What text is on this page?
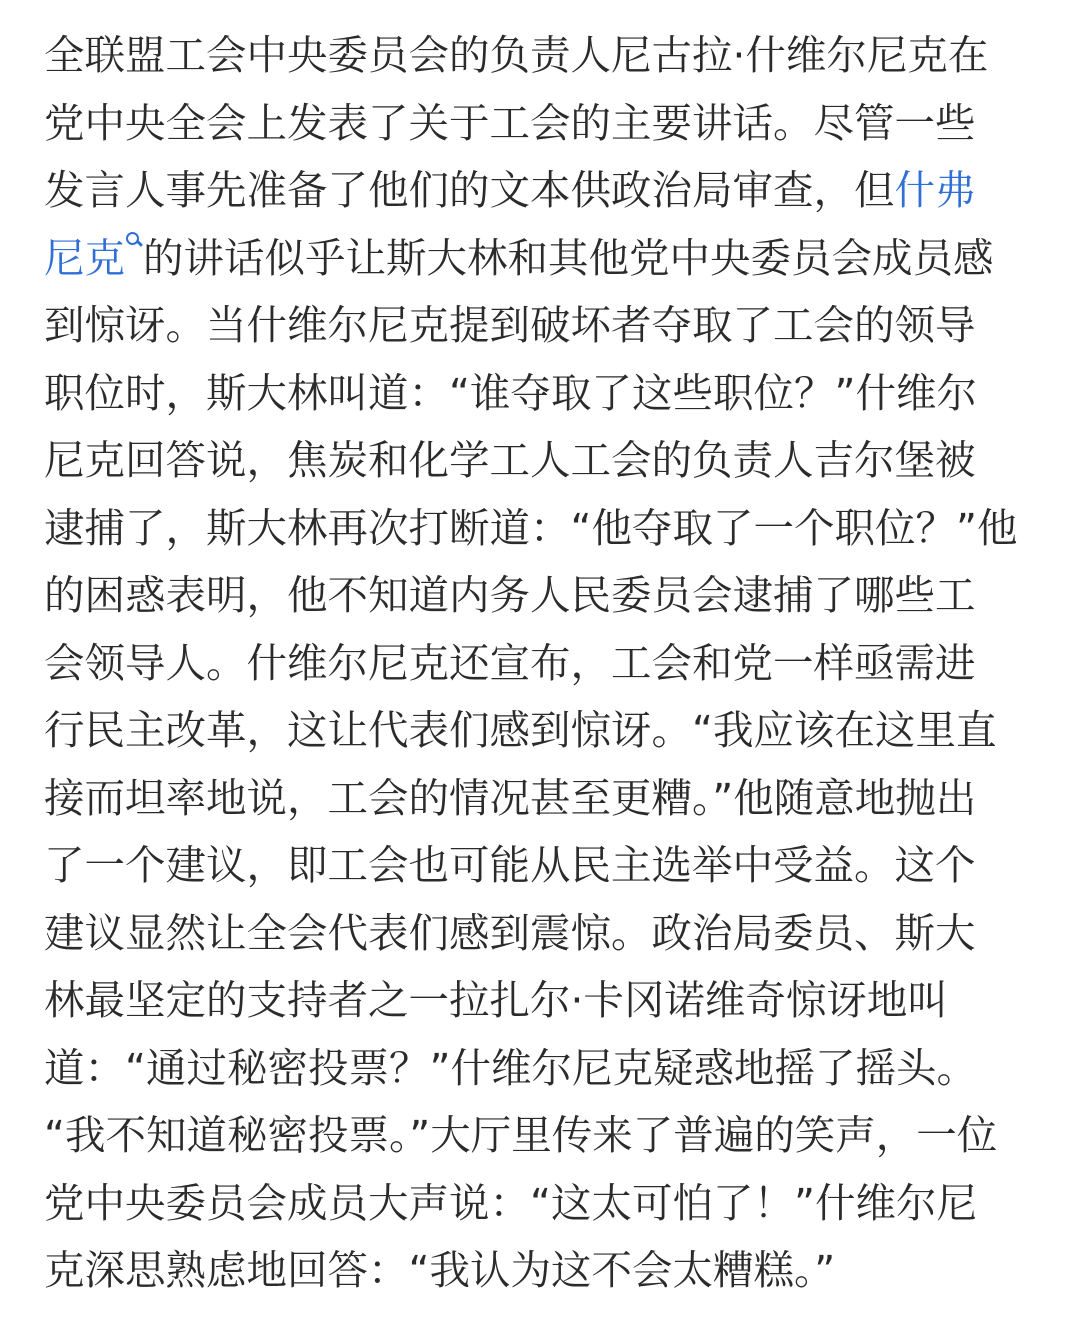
全联盟工会中央委员会的负责人尼古拉·什维尔尼克在
党中央全会上发表了关于工会的主要讲话。尽管一些
发言人事先准备了他们的文本供政治局审查，但什弗
尼克 的讲话似乎让斯大林和其他党中央委员会成员感
到惊讶。当什维尔尼克提到破坏者夺取了工会的领导
职位时，斯大林叫道：“谁夺取了这些职位？”什维尔
尼克回答说，焦炭和化学工人工会的负责人吉尔堡被
逮捕了，斯大林再次打断道：“他夺取了一个职位？”他
的困惑表明，他不知道内务人民委员会逮捕了哪些工
会领导人。什维尔尼克还宣布，工会和党一样亟需进
行民主改革，这让代表们感到惊讶。“我应该在这里直
接而坦率地说，工会的情况甚至更糟。”他随意地抛出
了一个建议，即工会也可能从民主选举中受益。这个
建议显然让全会代表们感到震惊。政治局委员、斯大
林最坚定的支持者之一拉扎尔·卡冈诺维奇惊讶地叫
道：“通过秘密投票？”什维尔尼克疑惑地摇了摇头。
“我不知道秘密投票。”大厅里传来了普遍的笑声，一位
党中央委员会成员大声说：“这太可怕了！”什维尔尼
克深思熟虑地回答：“我认为这不会太糟糕。”
